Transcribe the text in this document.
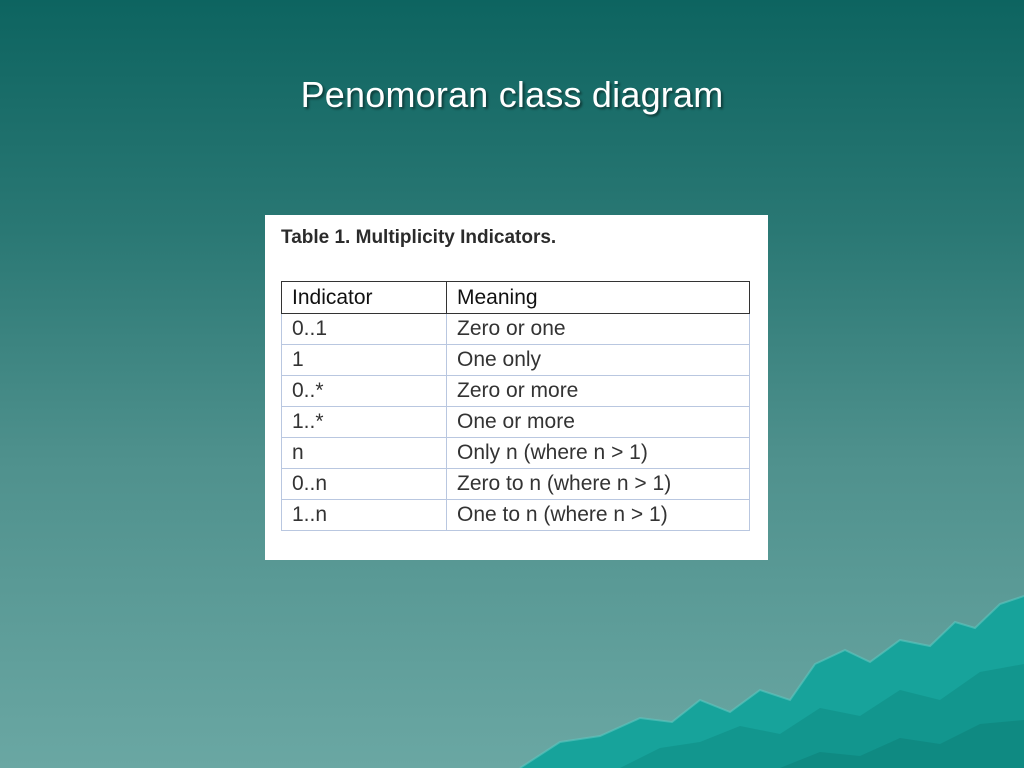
Penomoran class diagram
Table 1. Multiplicity Indicators.
Indicator	Meaning
0..1	Zero or one
1	One only
0..*	Zero or more
1..*	One or more
n	Only n (where n > 1)
0..n	Zero to n (where n > 1)
1..n	One to n (where n > 1)
